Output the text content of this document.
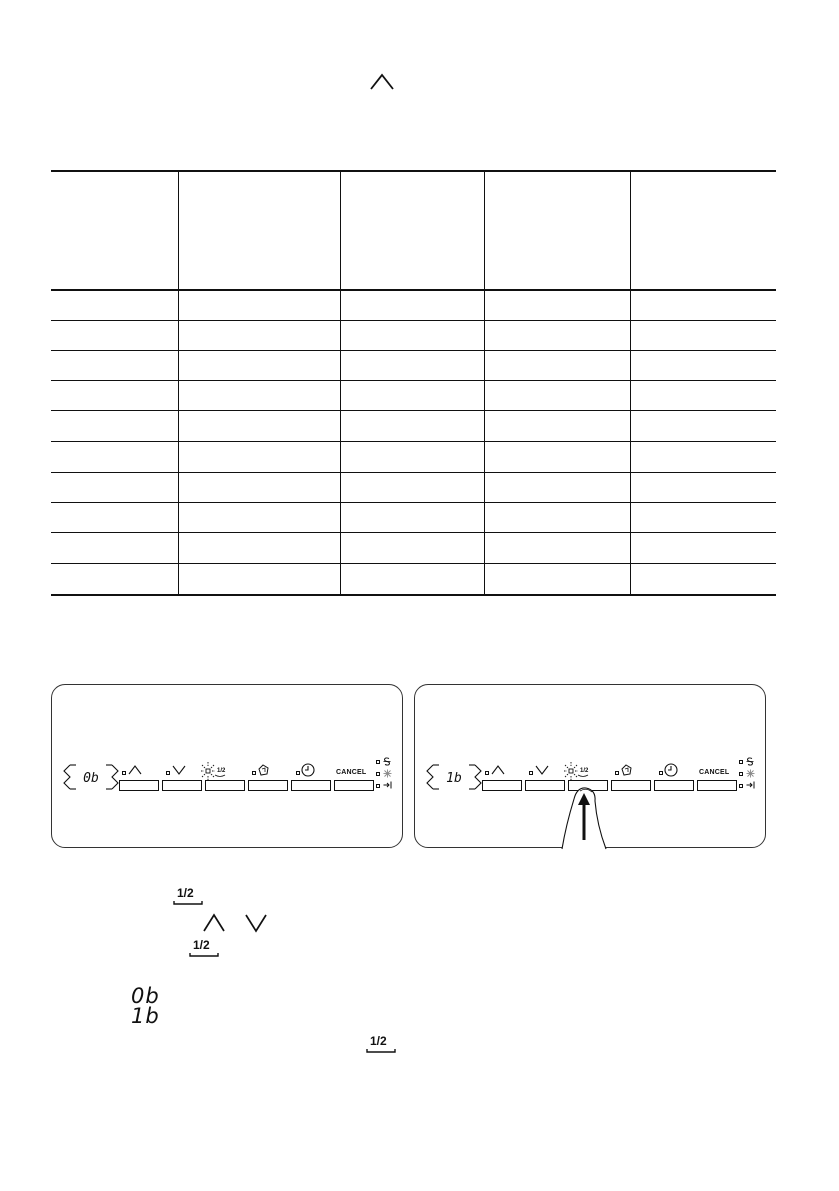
0b	1/2	CANCEL	1b	1/2	CANCEL
1/2
1/2
0b
1b
1/2
